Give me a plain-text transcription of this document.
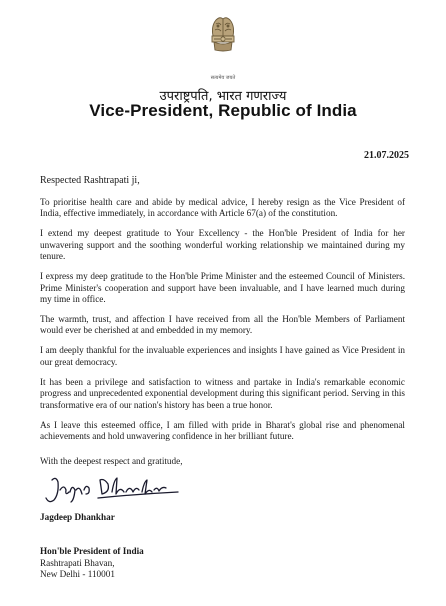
सत्यमेव जयते
उपराष्ट्रपति, भारत गणराज्य
Vice-President, Republic of India
21.07.2025
Respected Rashtrapati ji,

To prioritise health care and abide by medical advice, I hereby resign as the Vice President of India, effective immediately, in accordance with Article 67(a) of the constitution.

I extend my deepest gratitude to Your Excellency - the Hon'ble President of India for her unwavering support and the soothing wonderful working relationship we maintained during my tenure.

I express my deep gratitude to the Hon'ble Prime Minister and the esteemed Council of Ministers. Prime Minister's cooperation and support have been invaluable, and I have learned much during my time in office.

The warmth, trust, and affection I have received from all the Hon'ble Members of Parliament would ever be cherished at and embedded in my memory.

I am deeply thankful for the invaluable experiences and insights I have gained as Vice President in our great democracy.

It has been a privilege and satisfaction to witness and partake in India's remarkable economic progress and unprecedented exponential development during this significant period. Serving in this transformative era of our nation's history has been a true honor.

As I leave this esteemed office, I am filled with pride in Bharat's global rise and phenomenal achievements and hold unwavering confidence in her brilliant future.

With the deepest respect and gratitude,
Jagdeep Dhankhar
Hon'ble President of India
Rashtrapati Bhavan,
New Delhi - 110001
